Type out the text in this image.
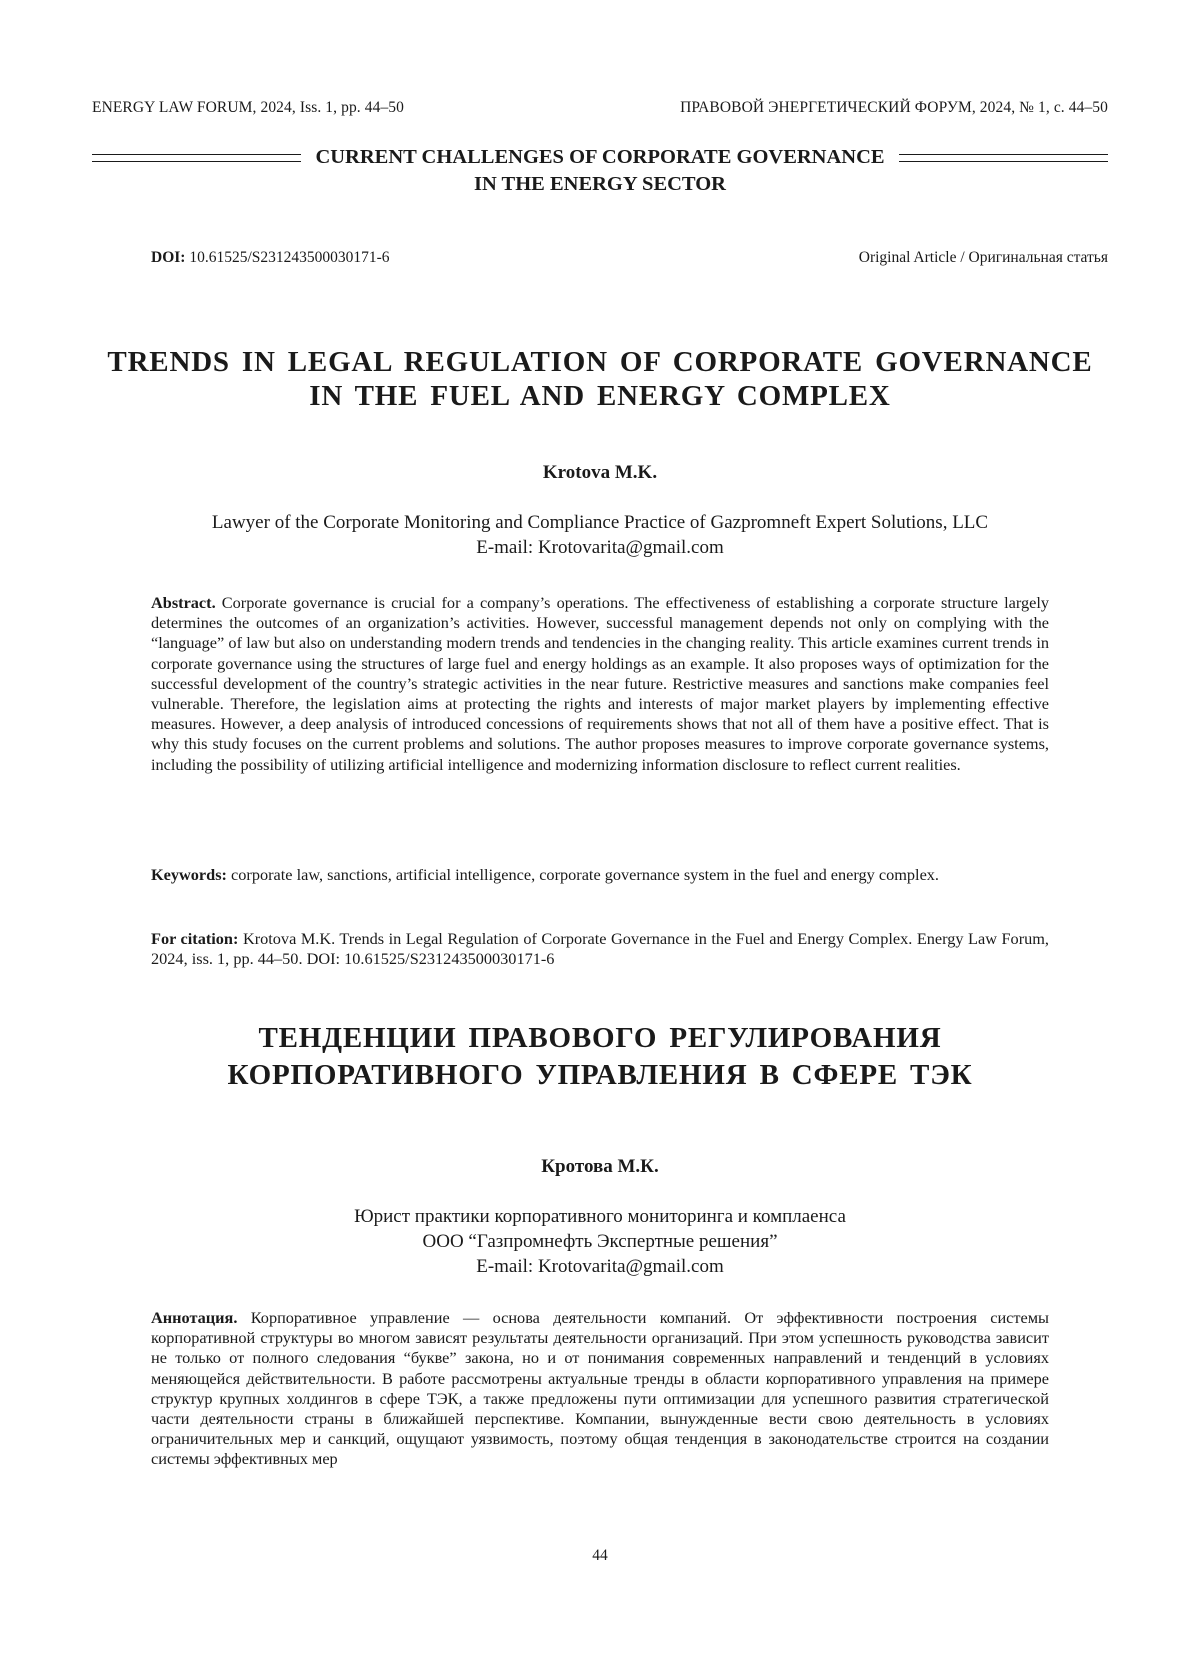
ENERGY LAW FORUM, 2024, Iss. 1, pp. 44–50	ПРАВОВОЙ ЭНЕРГЕТИЧЕСКИЙ ФОРУМ, 2024, № 1, с. 44–50
CURRENT CHALLENGES OF CORPORATE GOVERNANCE
IN THE ENERGY SECTOR
DOI: 10.61525/S231243500030171-6	Original Article / Оригинальная статья
TRENDS IN LEGAL REGULATION OF CORPORATE GOVERNANCE
IN THE FUEL AND ENERGY COMPLEX
Krotova M.K.
Lawyer of the Corporate Monitoring and Compliance Practice of Gazpromneft Expert Solutions, LLC
E-mail: Krotovarita@gmail.com
Abstract. Corporate governance is crucial for a company’s operations. The effectiveness of establishing a corporate structure largely determines the outcomes of an organization’s activities. However, successful management depends not only on complying with the “language” of law but also on understanding modern trends and tendencies in the changing reality. This article examines current trends in corporate governance using the structures of large fuel and energy holdings as an example. It also proposes ways of optimization for the successful development of the country’s strategic activities in the near future. Restrictive measures and sanctions make companies feel vulnerable. Therefore, the legislation aims at protecting the rights and interests of major market players by implementing effective measures. However, a deep analysis of introduced concessions of requirements shows that not all of them have a positive effect. That is why this study focuses on the current problems and solutions. The author proposes measures to improve corporate governance systems, including the possibility of utilizing artificial intelligence and modernizing information disclosure to reflect current realities.
Keywords: corporate law, sanctions, artificial intelligence, corporate governance system in the fuel and energy complex.
For citation: Krotova M.K. Trends in Legal Regulation of Corporate Governance in the Fuel and Energy Complex. Energy Law Forum, 2024, iss. 1, pp. 44–50. DOI: 10.61525/S231243500030171-6
ТЕНДЕНЦИИ ПРАВОВОГО РЕГУЛИРОВАНИЯ
КОРПОРАТИВНОГО УПРАВЛЕНИЯ В СФЕРЕ ТЭК
Кротова М.К.
Юрист практики корпоративного мониторинга и комплаенса
ООО “Газпромнефть Экспертные решения”
E-mail: Krotovarita@gmail.com
Аннотация. Корпоративное управление — основа деятельности компаний. От эффективности построения системы корпоративной структуры во многом зависят результаты деятельности организаций. При этом успешность руководства зависит не только от полного следования “букве” закона, но и от понимания современных направлений и тенденций в условиях меняющейся действительности. В работе рассмотрены актуальные тренды в области корпоративного управления на примере структур крупных холдингов в сфере ТЭК, а также предложены пути оптимизации для успешного развития стратегической части деятельности страны в ближайшей перспективе. Компании, вынужденные вести свою деятельность в условиях ограничительных мер и санкций, ощущают уязвимость, поэтому общая тенденция в законодательстве строится на создании системы эффективных мер
44
